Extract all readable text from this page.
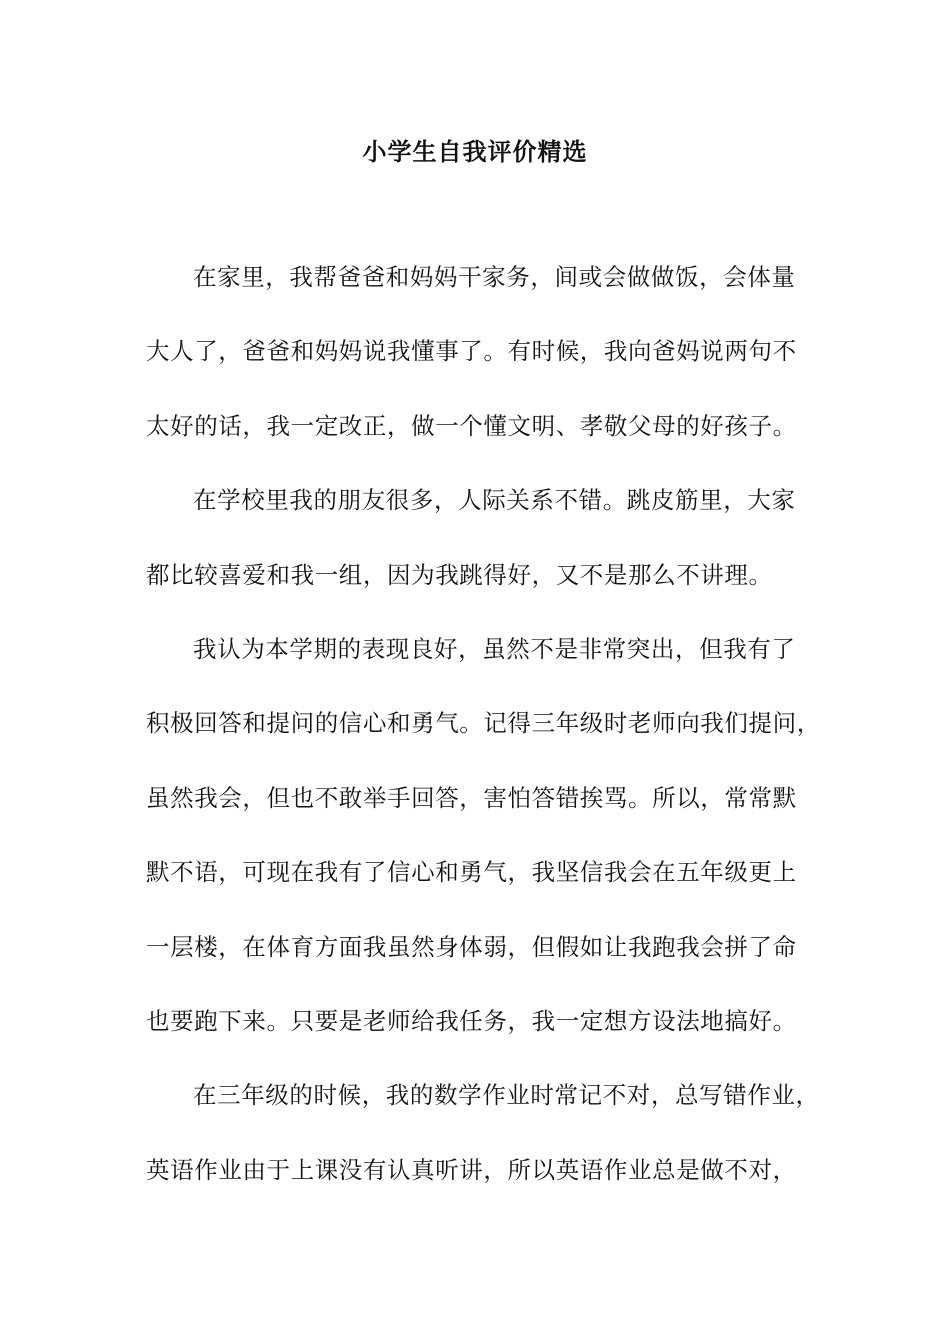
小学生自我评价精选
在家里，我帮爸爸和妈妈干家务，间或会做做饭，会体量
大人了，爸爸和妈妈说我懂事了。有时候，我向爸妈说两句不
太好的话，我一定改正，做一个懂文明、孝敬父母的好孩子。
在学校里我的朋友很多，人际关系不错。跳皮筋里，大家
都比较喜爱和我一组，因为我跳得好，又不是那么不讲理。
我认为本学期的表现良好，虽然不是非常突出，但我有了
积极回答和提问的信心和勇气。记得三年级时老师向我们提问，
虽然我会，但也不敢举手回答，害怕答错挨骂。所以，常常默
默不语，可现在我有了信心和勇气，我坚信我会在五年级更上
一层楼，在体育方面我虽然身体弱，但假如让我跑我会拼了命
也要跑下来。只要是老师给我任务，我一定想方设法地搞好。
在三年级的时候，我的数学作业时常记不对，总写错作业，
英语作业由于上课没有认真听讲，所以英语作业总是做不对，
